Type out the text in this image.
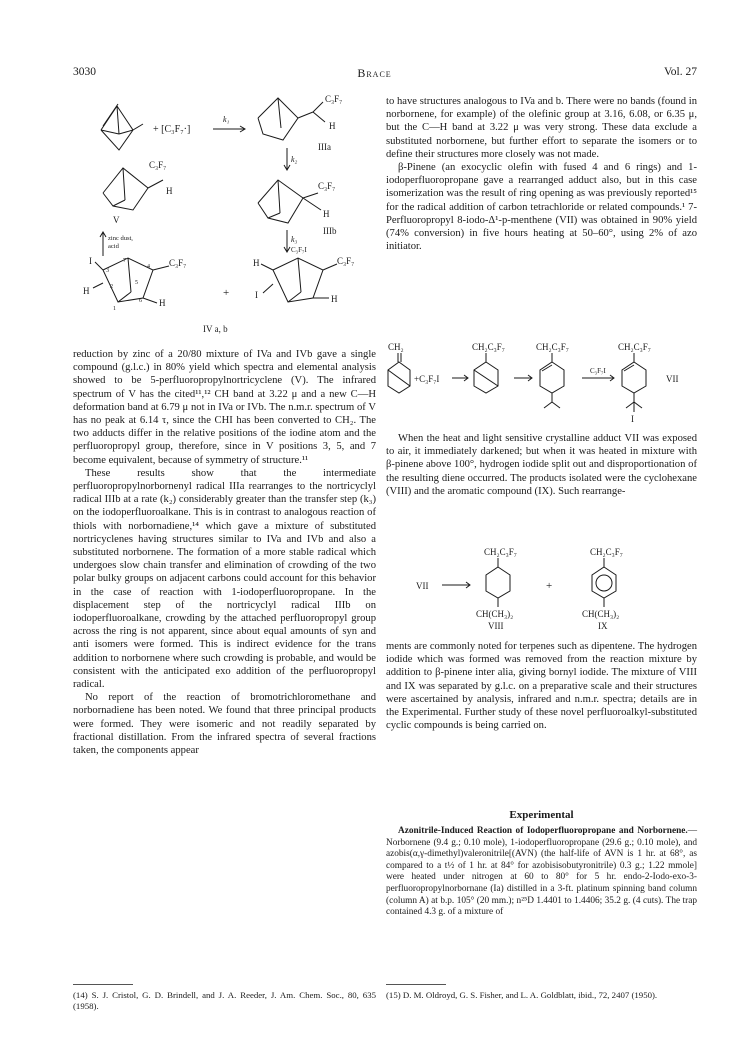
3030	Brace	Vol. 27
+ [C₃F₇·]
k₁
C₃F₇
H
IIIa
k₂
C₃F₇
H
V
zinc dust,
acid
C₃F₇
H
IIIb
k₃
C₃F₇I
I	C₃F₇
H
H
3
4
2
5
6
1
7
+
H	C₃F₇
I	H
IV a, b

reduction by zinc of a 20/80 mixture of IVa and IVb gave a single compound (g.l.c.) in 80% yield which spectra and elemental analysis showed to be 5-perfluoropropylnortricyclene (V). The infrared spectrum of V has the cited¹¹,¹² CH band at 3.22 μ and a new C—H deformation band at 6.79 μ not in IVa or IVb. The n.m.r. spectrum of V has no peak at 6.14 τ, since the CHI has been converted to CH₂. The two adducts differ in the relative positions of the iodine atom and the perfluoropropyl group, therefore, since in V positions 3, 5, and 7 become equivalent, because of symmetry of structure.¹¹

These results show that the intermediate perfluoropropylnorbornenyl radical IIIa rearranges to the nortricyclyl radical IIIb at a rate (k₂) considerably greater than the transfer step (k₃) on the iodoperfluoroalkane. This is in contrast to analogous reaction of thiols with norbornadiene,¹⁴ which gave a mixture of substituted nortricyclenes having structures similar to IVa and IVb and also a substituted norbornene. The formation of a more stable radical which undergoes slow chain transfer and elimination of crowding of the two polar bulky groups on adjacent carbons could account for this behavior in the case of reaction with 1-iodoperfluoropropane. In the displacement step of the nortricyclyl radical IIIb on iodoperfluoroalkane, crowding by the attached perfluoropropyl group across the ring is not apparent, since about equal amounts of syn and anti isomers were formed. This is indirect evidence for the trans addition to norbornene where such crowding is probable, and would be consistent with the anticipated exo addition of the perfluoropropyl radical.

No report of the reaction of bromotrichloromethane and norbornadiene has been noted. We found that three principal products were formed. They were isomeric and not readily separated by fractional distillation. From the infrared spectra of several fractions taken, the components appear

to have structures analogous to IVa and b. There were no bands (found in norbornene, for example) of the olefinic group at 3.16, 6.08, or 6.35 μ, but the C—H band at 3.22 μ was very strong. These data exclude a substituted norbornene, but further effort to separate the isomers or to define their structures more closely was not made.

β-Pinene (an exocyclic olefin with fused 4 and 6 rings) and 1-iodoperfluoropropane gave a rearranged adduct also, but in this case isomerization was the result of ring opening as was previously reported¹⁵ for the radical addition of carbon tetrachloride or related compounds.¹ 7-Perfluoropropyl 8-iodo-Δ¹-p-menthene (VII) was obtained in 90% yield (74% conversion) in five hours heating at 50–60°, using 2% of azo initiator.

CH₂
+C₃F₇I
CH₂C₃F₇	CH₂C₃F₇
C₃F₇I
CH₂C₃F₇
I
VII

When the heat and light sensitive crystalline adduct VII was exposed to air, it immediately darkened; but when it was heated in mixture with β-pinene above 100°, hydrogen iodide split out and disproportionation of the resulting diene occurred. The products isolated were the cyclohexane (VIII) and the aromatic compound (IX). Such rearrange-

CH₂C₃F₇
VII
CH(CH₃)₂
VIII
+
CH₂C₃F₇
CH(CH₃)₂
IX

ments are commonly noted for terpenes such as dipentene. The hydrogen iodide which was formed was removed from the reaction mixture by addition to β-pinene inter alia, giving bornyl iodide. The mixture of VIII and IX was separated by g.l.c. on a preparative scale and their structures were ascertained by analysis, infrared and n.m.r. spectra; details are in the Experimental. Further study of these novel perfluoroalkyl-substituted cyclic compounds is being carried on.

Experimental

Azonitrile-Induced Reaction of Iodoperfluoropropane and Norbornene.—Norbornene (9.4 g.; 0.10 mole), 1-iodoperfluoropropane (29.6 g.; 0.10 mole), and azobis(α,γ-dimethyl)valeronitrile[(AVN) (the half-life of AVN is 1 hr. at 68°, as compared to a t½ of 1 hr. at 84° for azobisisobutyronitrile) 0.3 g.; 1.22 mmole] were heated under nitrogen at 60 to 80° for 5 hr. endo-2-Iodo-exo-3-perfluoropropylnorbornane (Ia) distilled in a 3-ft. platinum spinning band column (column A) at b.p. 105° (20 mm.); n²⁵D 1.4401 to 1.4406; 35.2 g. (4 cuts). The trap contained 4.3 g. of a mixture of

(14) S. J. Cristol, G. D. Brindell, and J. A. Reeder, J. Am. Chem. Soc., 80, 635 (1958).

(15) D. M. Oldroyd, G. S. Fisher, and L. A. Goldblatt, ibid., 72, 2407 (1950).
